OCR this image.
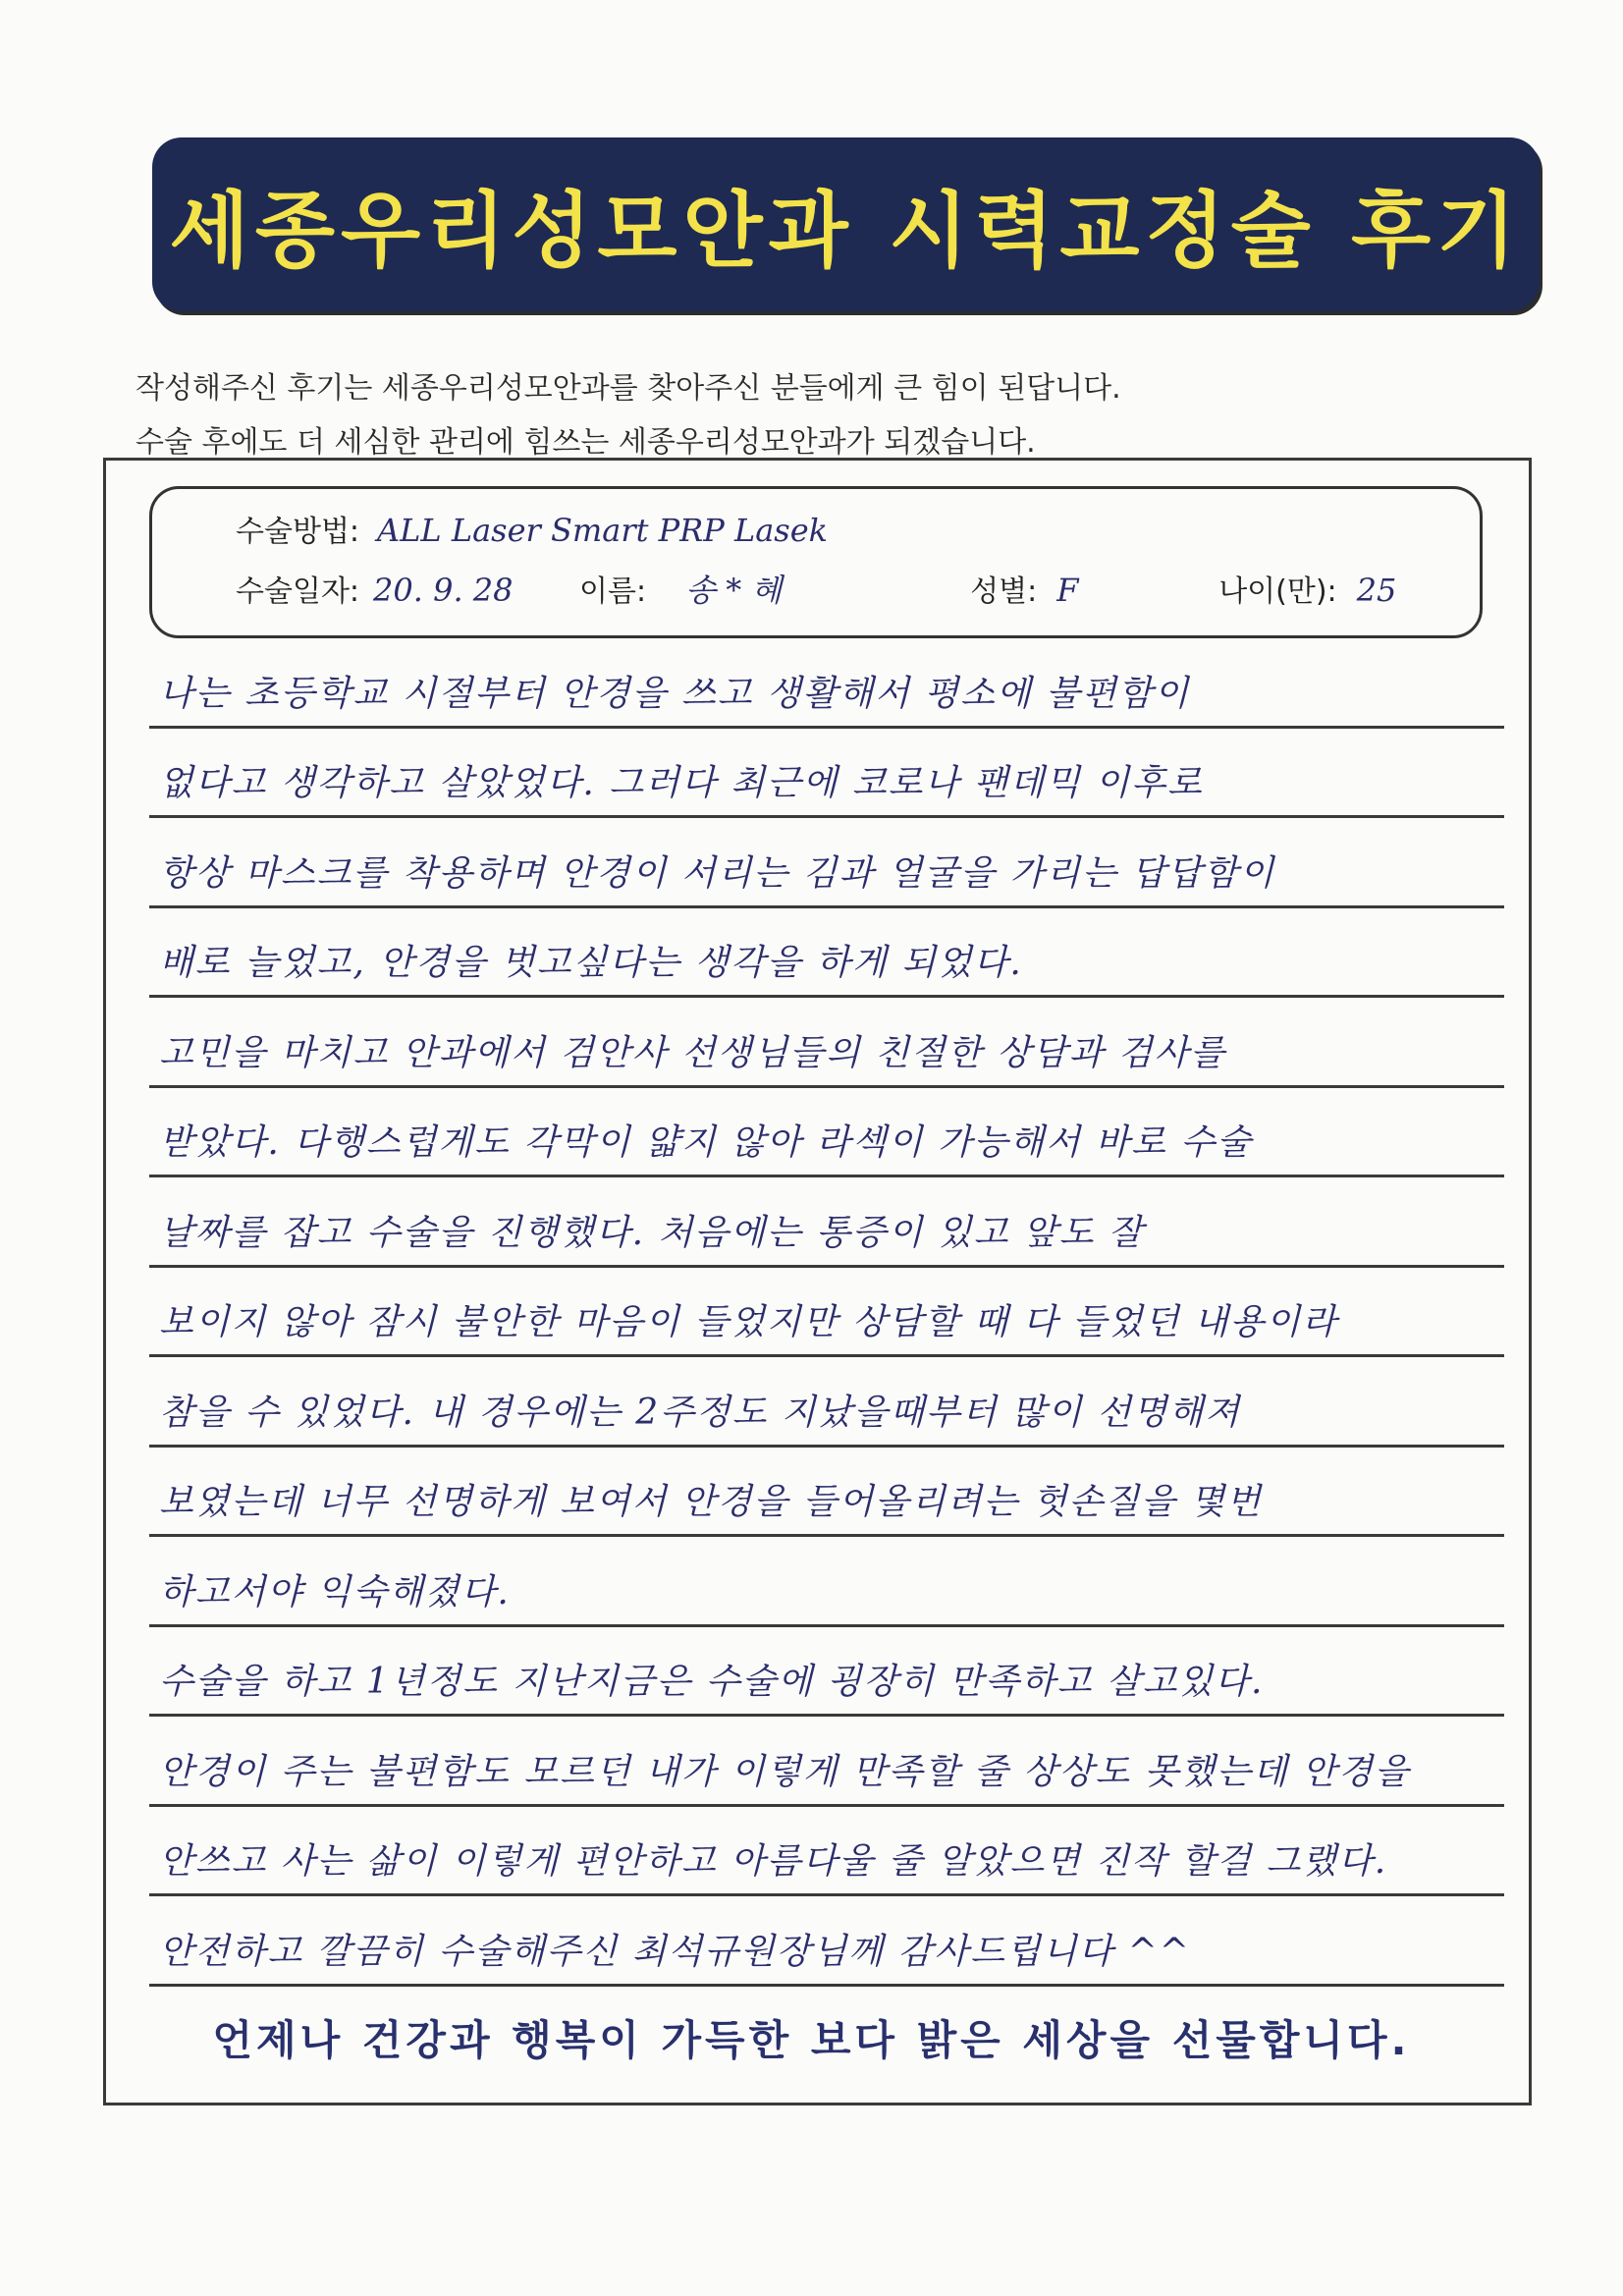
세종우리성모안과 시력교정술 후기
작성해주신 후기는 세종우리성모안과를 찾아주신 분들에게 큰 힘이 된답니다.
수술 후에도 더 세심한 관리에 힘쓰는 세종우리성모안과가 되겠습니다.
수술방법: ALL Laser Smart PRP Lasek
수술일자: 20. 9. 28	이름: 송 * 혜	성별: F	나이(만): 25
나는 초등학교 시절부터 안경을 쓰고 생활해서 평소에 불편함이
없다고 생각하고 살았었다. 그러다 최근에 코로나 팬데믹 이후로
항상 마스크를 착용하며 안경이 서리는 김과 얼굴을 가리는 답답함이
배로 늘었고, 안경을 벗고싶다는 생각을 하게 되었다.
고민을 마치고 안과에서 검안사 선생님들의 친절한 상담과 검사를
받았다. 다행스럽게도 각막이 얇지 않아 라섹이 가능해서 바로 수술
날짜를 잡고 수술을 진행했다. 처음에는 통증이 있고 앞도 잘
보이지 않아 잠시 불안한 마음이 들었지만 상담할 때 다 들었던 내용이라
참을 수 있었다. 내 경우에는 2주정도 지났을때부터 많이 선명해져
보였는데 너무 선명하게 보여서 안경을 들어올리려는 헛손질을 몇번
하고서야 익숙해졌다.
수술을 하고 1년정도 지난지금은 수술에 굉장히 만족하고 살고있다.
안경이 주는 불편함도 모르던 내가 이렇게 만족할 줄 상상도 못했는데 안경을
안쓰고 사는 삶이 이렇게 편안하고 아름다울 줄 알았으면 진작 할걸 그랬다.
안전하고 깔끔히 수술해주신 최석규원장님께 감사드립니다 ^^
언제나 건강과 행복이 가득한 보다 밝은 세상을 선물합니다.
